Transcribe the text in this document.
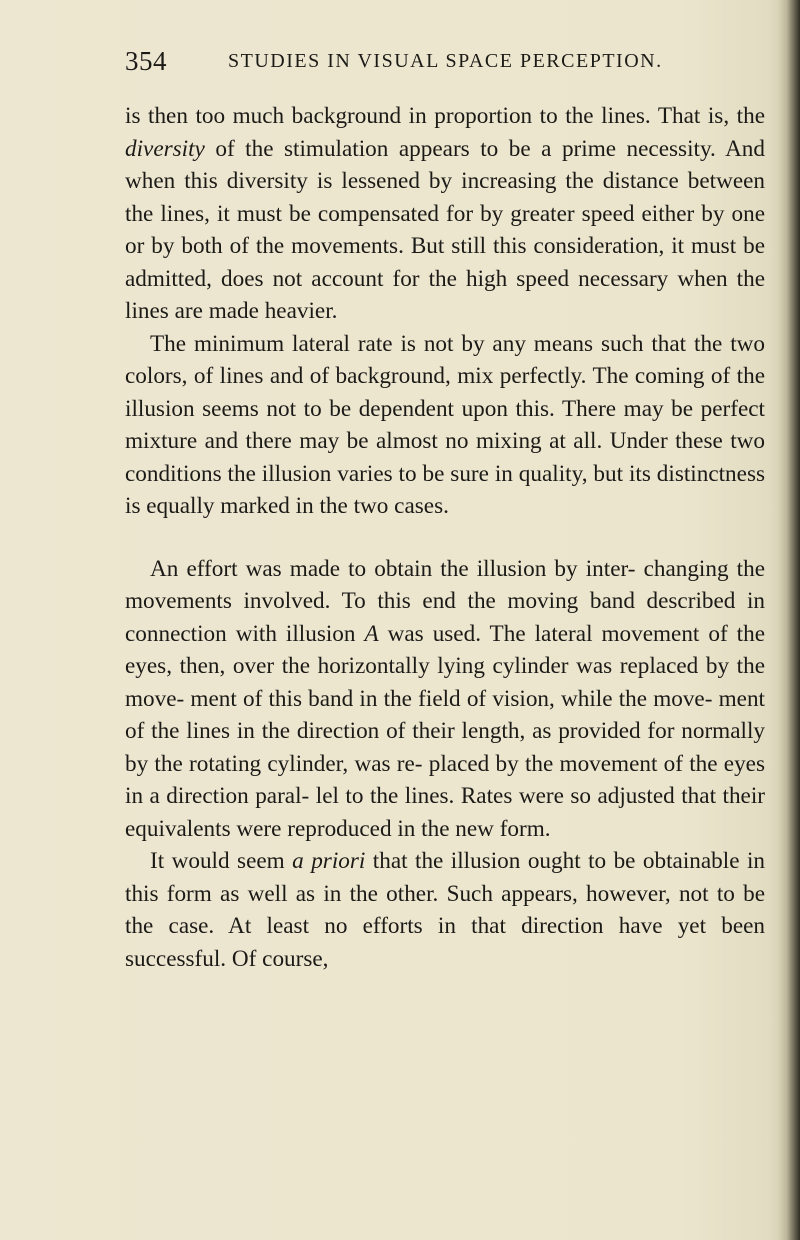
354	STUDIES IN VISUAL SPACE PERCEPTION.

is then too much background in proportion to the lines. That is, the diversity of the stimulation appears to be a prime necessity. And when this diversity is lessened by increasing the distance between the lines, it must be compensated for by greater speed either by one or by both of the movements. But still this consideration, it must be admitted, does not account for the high speed necessary when the lines are made heavier.

The minimum lateral rate is not by any means such that the two colors, of lines and of background, mix perfectly. The coming of the illusion seems not to be dependent upon this. There may be perfect mixture and there may be almost no mixing at all. Under these two conditions the illusion varies to be sure in quality, but its distinctness is equally marked in the two cases.

An effort was made to obtain the illusion by inter- changing the movements involved. To this end the moving band described in connection with illusion A was used. The lateral movement of the eyes, then, over the horizontally lying cylinder was replaced by the move- ment of this band in the field of vision, while the move- ment of the lines in the direction of their length, as provided for normally by the rotating cylinder, was re- placed by the movement of the eyes in a direction paral- lel to the lines. Rates were so adjusted that their equivalents were reproduced in the new form.

It would seem a priori that the illusion ought to be obtainable in this form as well as in the other. Such appears, however, not to be the case. At least no efforts in that direction have yet been successful. Of course,
